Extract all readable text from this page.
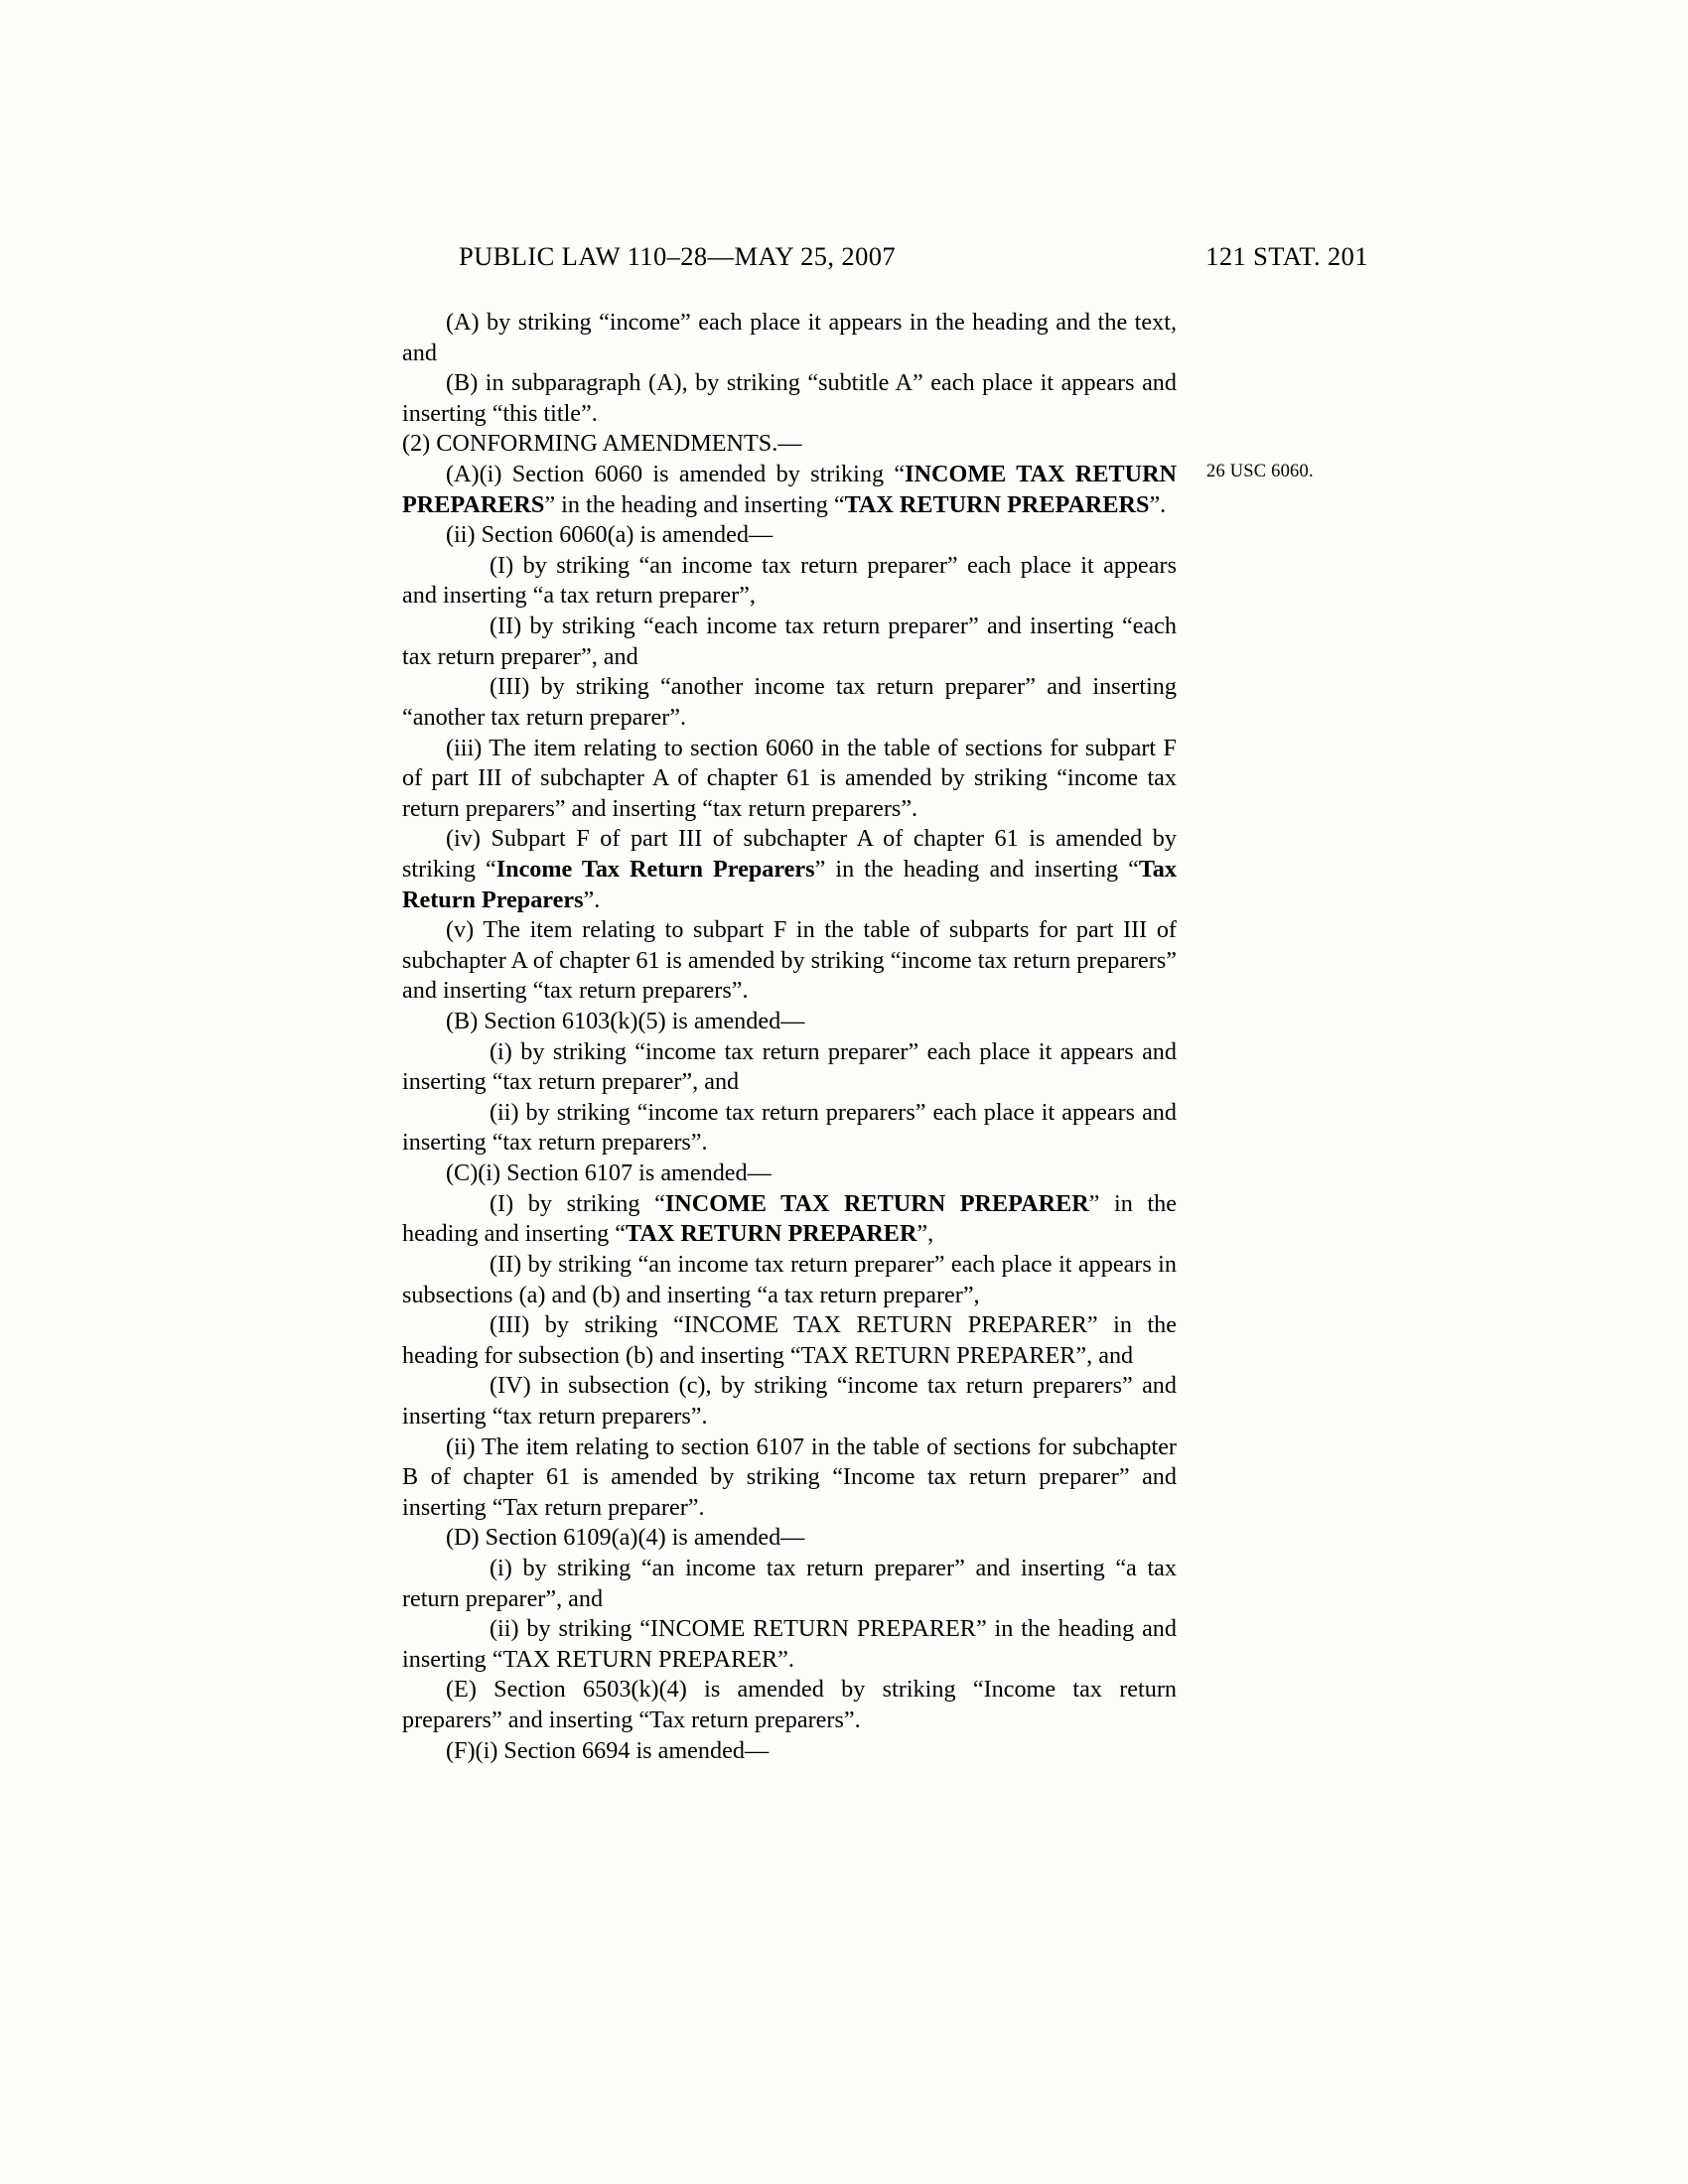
PUBLIC LAW 110–28—MAY 25, 2007	121 STAT. 201
26 USC 6060.

(A) by striking “income” each place it appears in the heading and the text, and

(B) in subparagraph (A), by striking “subtitle A” each place it appears and inserting “this title”.

(2) CONFORMING AMENDMENTS.—

(A)(i) Section 6060 is amended by striking “INCOME TAX RETURN PREPARERS” in the heading and inserting “TAX RETURN PREPARERS”.

(ii) Section 6060(a) is amended—

(I) by striking “an income tax return preparer” each place it appears and inserting “a tax return preparer”,

(II) by striking “each income tax return preparer” and inserting “each tax return preparer”, and

(III) by striking “another income tax return preparer” and inserting “another tax return preparer”.

(iii) The item relating to section 6060 in the table of sections for subpart F of part III of subchapter A of chapter 61 is amended by striking “income tax return preparers” and inserting “tax return preparers”.

(iv) Subpart F of part III of subchapter A of chapter 61 is amended by striking “Income Tax Return Preparers” in the heading and inserting “Tax Return Preparers”.

(v) The item relating to subpart F in the table of subparts for part III of subchapter A of chapter 61 is amended by striking “income tax return preparers” and inserting “tax return preparers”.

(B) Section 6103(k)(5) is amended—

(i) by striking “income tax return preparer” each place it appears and inserting “tax return preparer”, and

(ii) by striking “income tax return preparers” each place it appears and inserting “tax return preparers”.

(C)(i) Section 6107 is amended—

(I) by striking “INCOME TAX RETURN PREPARER” in the heading and inserting “TAX RETURN PREPARER”,

(II) by striking “an income tax return preparer” each place it appears in subsections (a) and (b) and inserting “a tax return preparer”,

(III) by striking “INCOME TAX RETURN PREPARER” in the heading for subsection (b) and inserting “TAX RETURN PREPARER”, and

(IV) in subsection (c), by striking “income tax return preparers” and inserting “tax return preparers”.

(ii) The item relating to section 6107 in the table of sections for subchapter B of chapter 61 is amended by striking “Income tax return preparer” and inserting “Tax return preparer”.

(D) Section 6109(a)(4) is amended—

(i) by striking “an income tax return preparer” and inserting “a tax return preparer”, and

(ii) by striking “INCOME RETURN PREPARER” in the heading and inserting “TAX RETURN PREPARER”.

(E) Section 6503(k)(4) is amended by striking “Income tax return preparers” and inserting “Tax return preparers”.

(F)(i) Section 6694 is amended—
